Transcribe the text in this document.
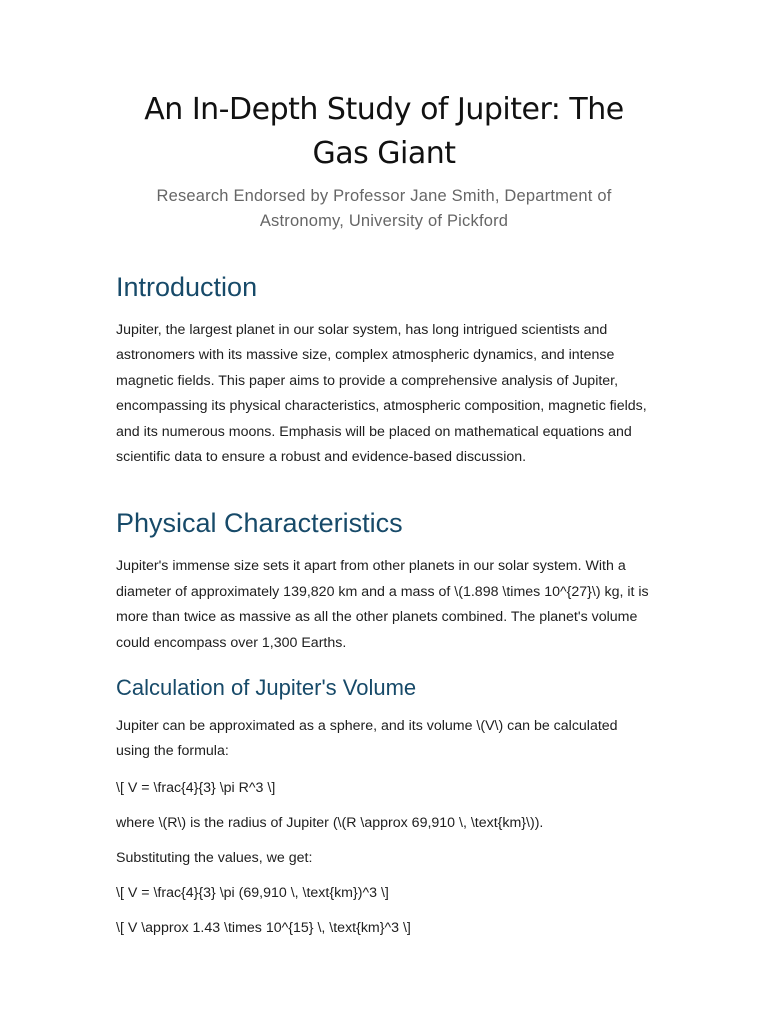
An In-Depth Study of Jupiter: The Gas Giant

Research Endorsed by Professor Jane Smith, Department of Astronomy, University of Pickford

Introduction

Jupiter, the largest planet in our solar system, has long intrigued scientists and astronomers with its massive size, complex atmospheric dynamics, and intense magnetic fields. This paper aims to provide a comprehensive analysis of Jupiter, encompassing its physical characteristics, atmospheric composition, magnetic fields, and its numerous moons. Emphasis will be placed on mathematical equations and scientific data to ensure a robust and evidence-based discussion.

Physical Characteristics

Jupiter's immense size sets it apart from other planets in our solar system. With a diameter of approximately 139,820 km and a mass of \(1.898 \times 10^{27}\) kg, it is more than twice as massive as all the other planets combined. The planet's volume could encompass over 1,300 Earths.

Calculation of Jupiter's Volume

Jupiter can be approximated as a sphere, and its volume \(V\) can be calculated using the formula:

\[ V = \frac{4}{3} \pi R^3 \]

where \(R\) is the radius of Jupiter (\(R \approx 69,910 \, \text{km}\)).

Substituting the values, we get:

\[ V = \frac{4}{3} \pi (69,910 \, \text{km})^3 \]

\[ V \approx 1.43 \times 10^{15} \, \text{km}^3 \]
